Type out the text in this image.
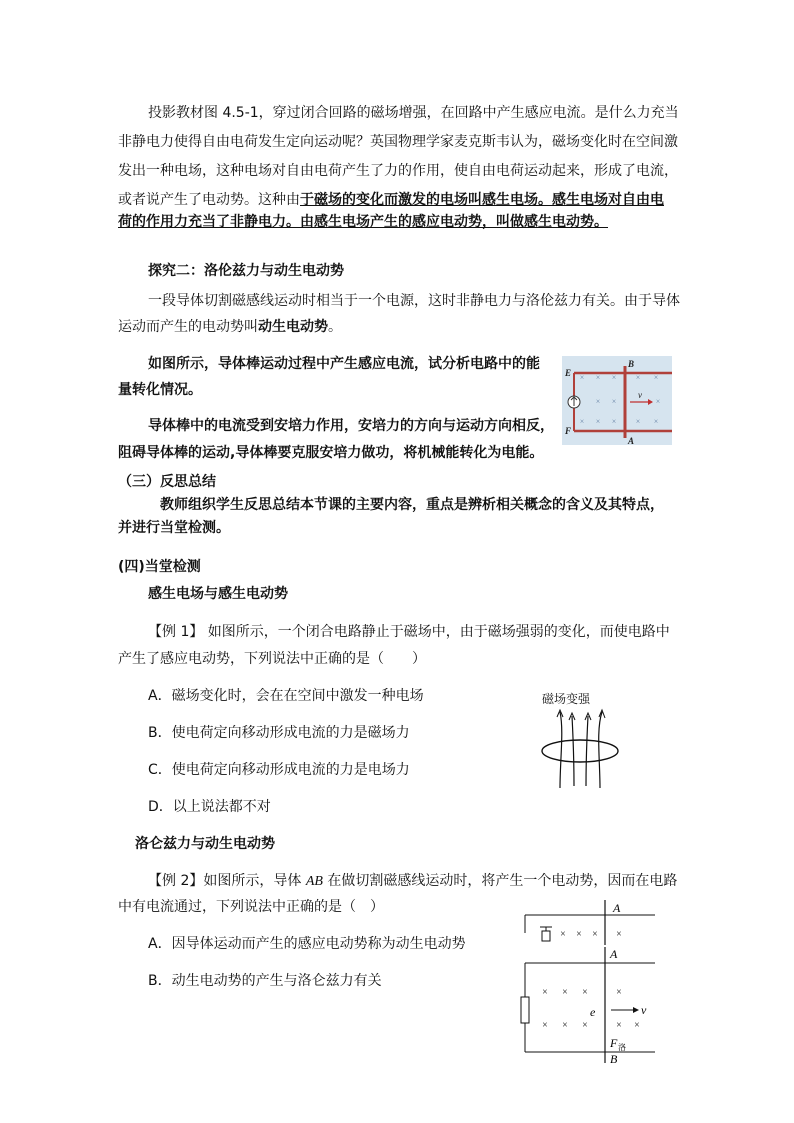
投影教材图 4.5-1，穿过闭合回路的磁场增强，在回路中产生感应电流。是什么力充当

非静电力使得自由电荷发生定向运动呢？英国物理学家麦克斯韦认为，磁场变化时在空间激

发出一种电场，这种电场对自由电荷产生了力的作用，使自由电荷运动起来，形成了电流，

或者说产生了电动势。这种由于磁场的变化而激发的电场叫感生电场。感生电场对自由电

荷的作用力充当了非静电力。由感生电场产生的感应电动势，叫做感生电动势。

探究二：洛伦兹力与动生电动势

一段导体切割磁感线运动时相当于一个电源，这时非静电力与洛伦兹力有关。由于导体

运动而产生的电动势叫动生电动势。

如图所示，导体棒运动过程中产生感应电流，试分析电路中的能

量转化情况。

导体棒中的电流受到安培力作用，安培力的方向与运动方向相反，

阻碍导体棒的运动,导体棒要克服安培力做功，将机械能转化为电能。

× × × × ×
× ×	×
× × × × ×
E
F
B
A
v

（三）反思总结

教师组织学生反思总结本节课的主要内容，重点是辨析相关概念的含义及其特点，

并进行当堂检测。

(四)当堂检测

感生电场与感生电动势

【例 1】 如图所示，一个闭合电路静止于磁场中，由于磁场强弱的变化，而使电路中

产生了感应电动势，下列说法中正确的是（　　）

A．磁场变化时，会在在空间中激发一种电场

B．使电荷定向移动形成电流的力是磁场力

C．使电荷定向移动形成电流的力是电场力

D．以上说法都不对

磁场变强

洛仑兹力与动生电动势

【例 2】如图所示，导体 AB 在做切割磁感线运动时，将产生一个电动势，因而在电路

中有电流通过，下列说法中正确的是（　）

A．因导体运动而产生的感应电动势称为动生电动势

B．动生电动势的产生与洛仑兹力有关

× × × ×
A
× × ×
× × ×
×
× ×
v
e
A
F 洛
B
